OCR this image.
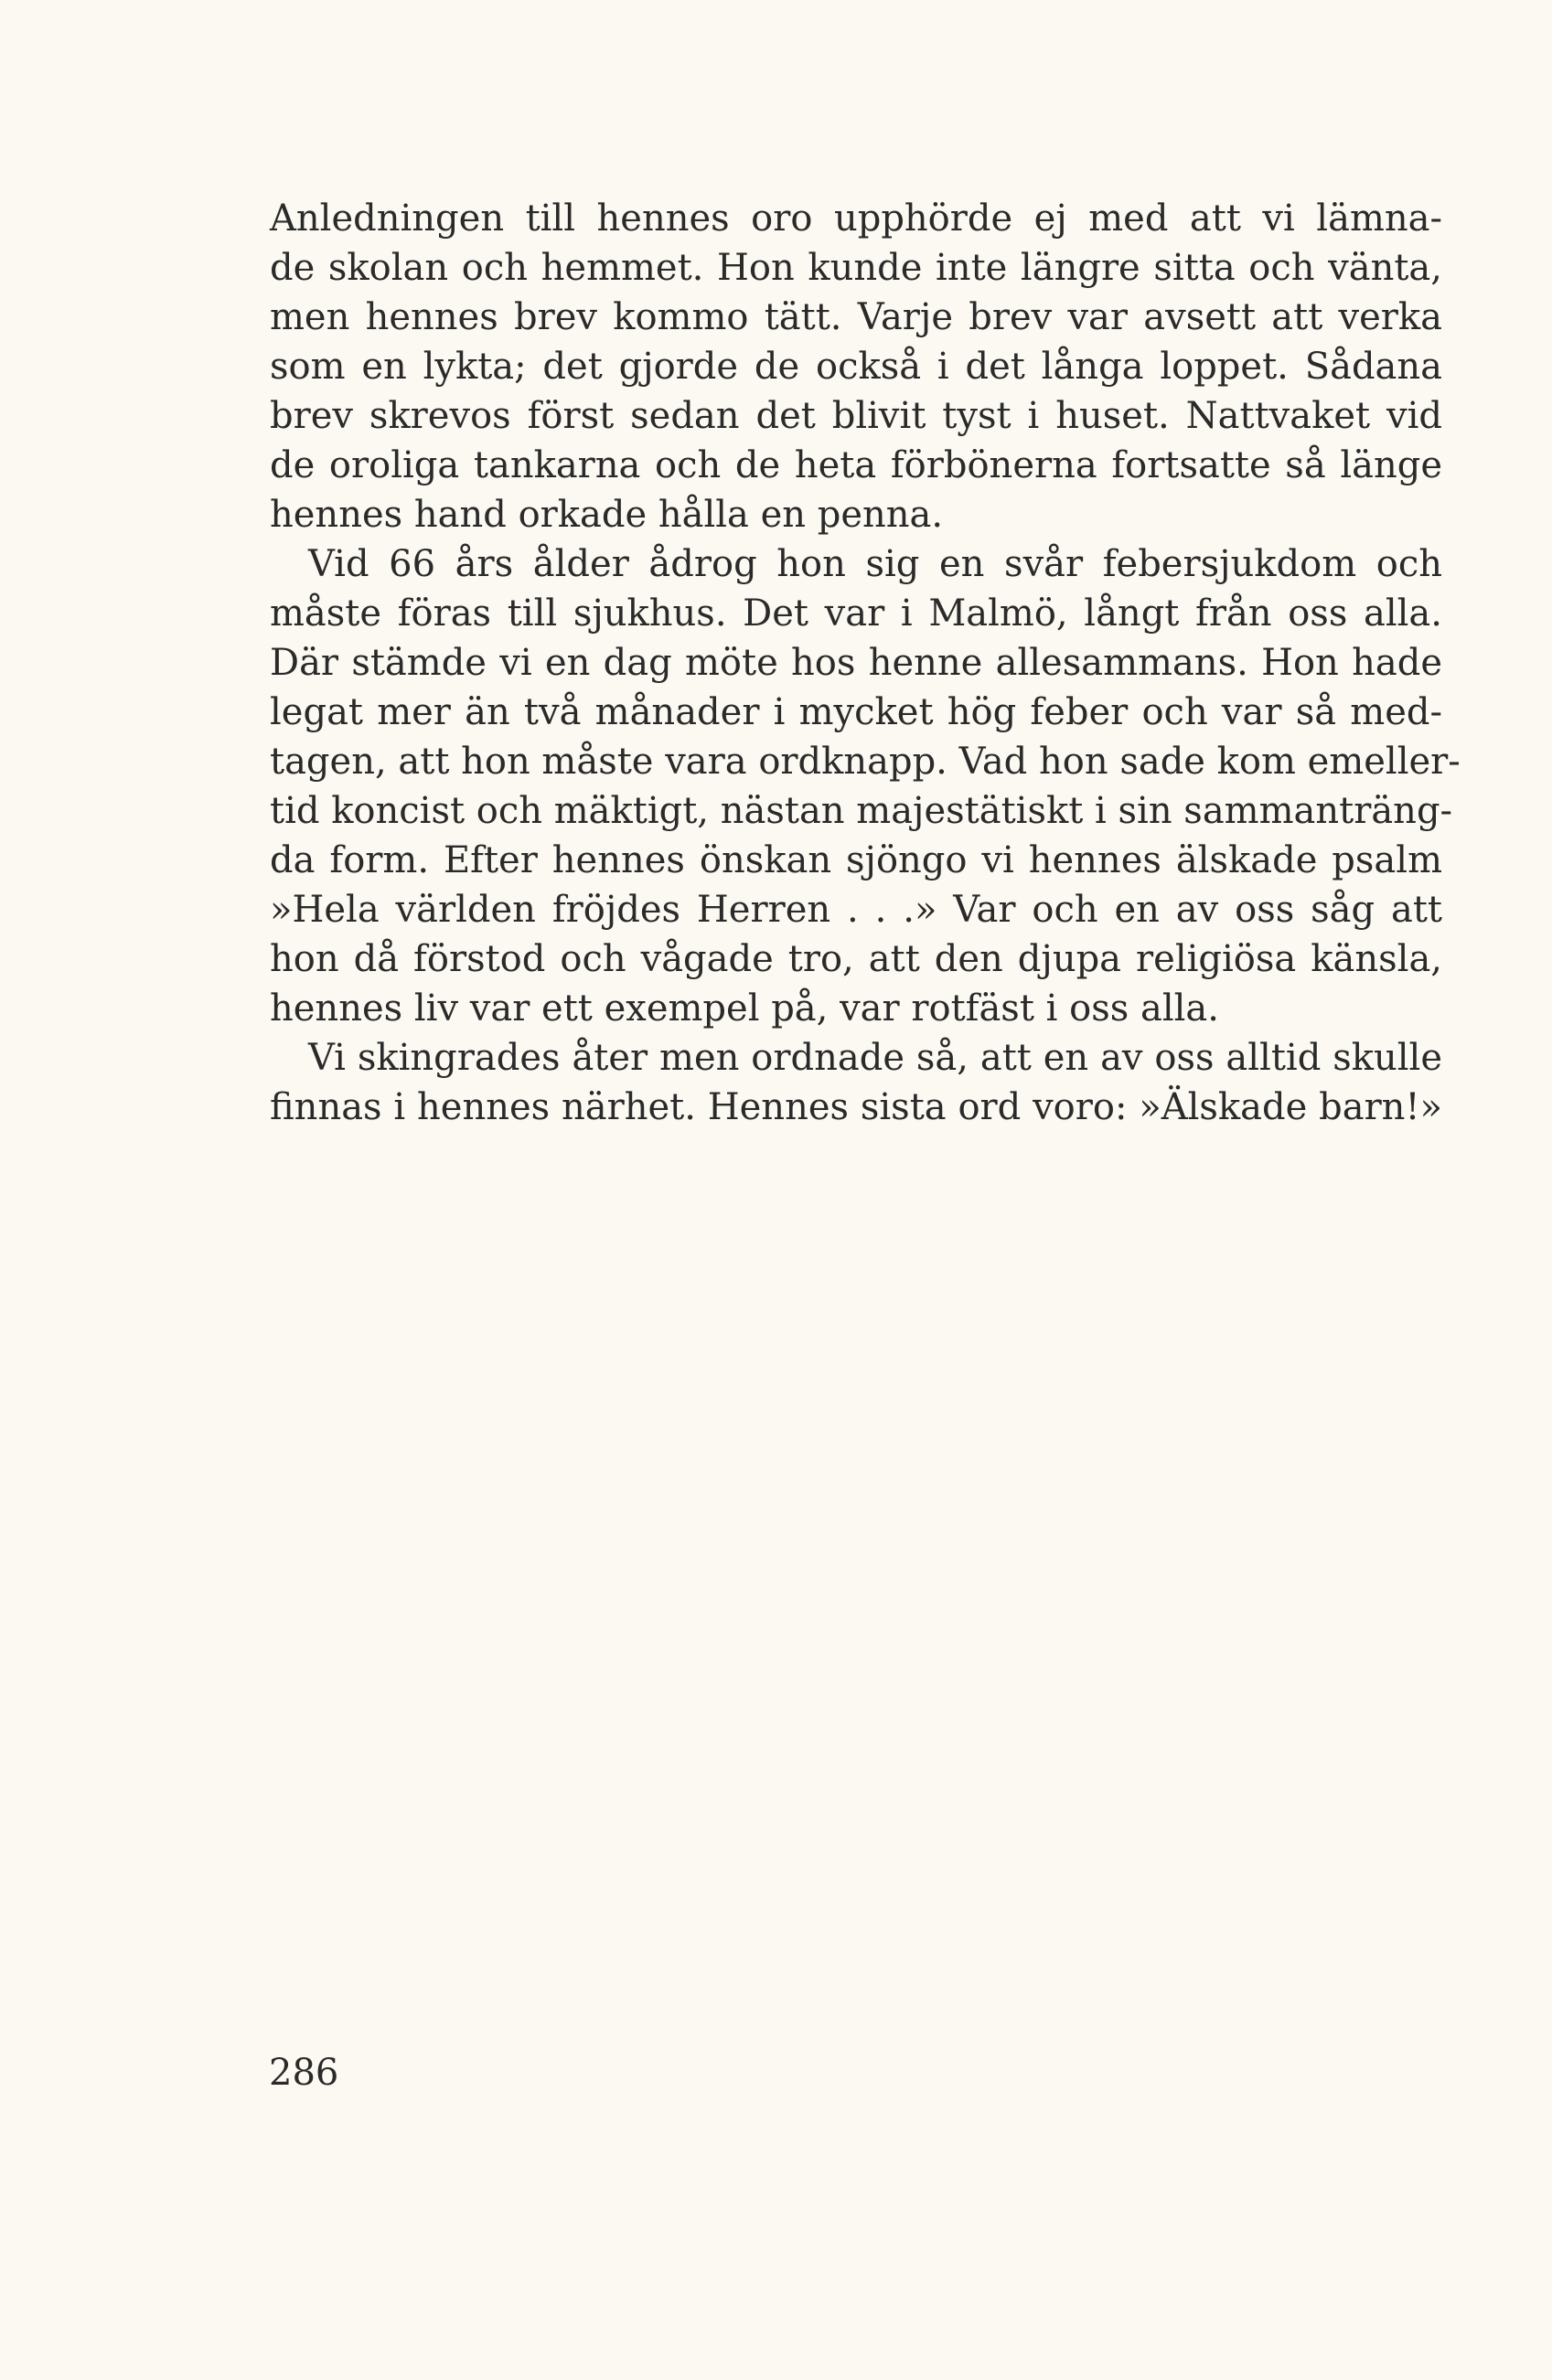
Anledningen till hennes oro upphörde ej med att vi lämna-
de skolan och hemmet. Hon kunde inte längre sitta och vänta,
men hennes brev kommo tätt. Varje brev var avsett att verka
som en lykta; det gjorde de också i det långa loppet. Sådana
brev skrevos först sedan det blivit tyst i huset. Nattvaket vid
de oroliga tankarna och de heta förbönerna fortsatte så länge
hennes hand orkade hålla en penna.
Vid 66 års ålder ådrog hon sig en svår febersjukdom och
måste föras till sjukhus. Det var i Malmö, långt från oss alla.
Där stämde vi en dag möte hos henne allesammans. Hon hade
legat mer än två månader i mycket hög feber och var så med-
tagen, att hon måste vara ordknapp. Vad hon sade kom emeller-
tid koncist och mäktigt, nästan majestätiskt i sin sammanträng-
da form. Efter hennes önskan sjöngo vi hennes älskade psalm
»Hela världen fröjdes Herren . . .» Var och en av oss såg att
hon då förstod och vågade tro, att den djupa religiösa känsla,
hennes liv var ett exempel på, var rotfäst i oss alla.
Vi skingrades åter men ordnade så, att en av oss alltid skulle
finnas i hennes närhet. Hennes sista ord voro: »Älskade barn!»
286
